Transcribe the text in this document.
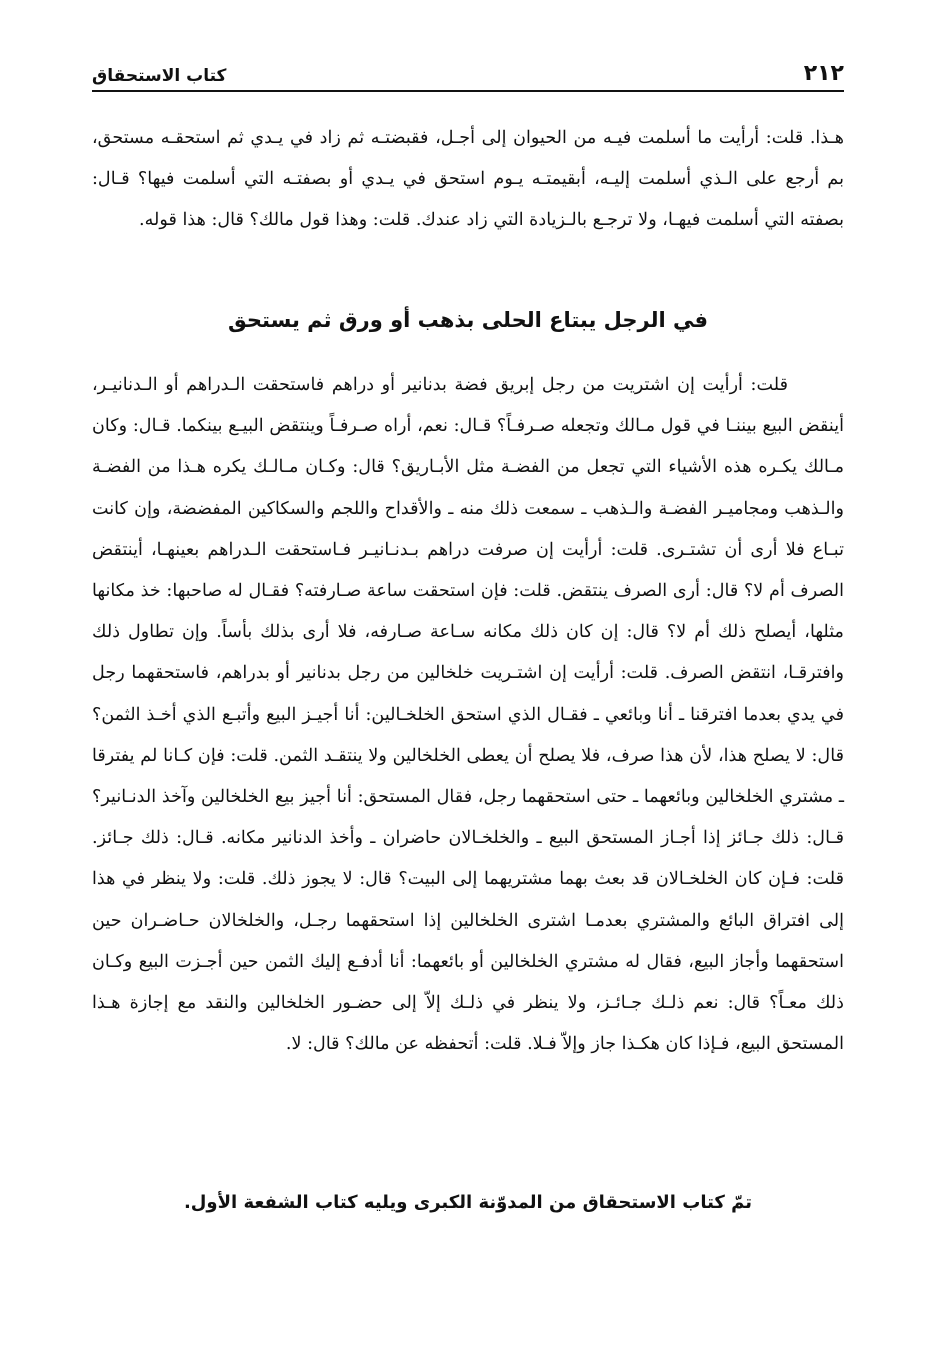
٢١٢
كتاب الاستحقاق

هـذا. قلت: أرأيت ما أسلمت فيـه من الحيوان إلى أجـل، فقبضتـه ثم زاد في يـدي ثم استحقـه مستحق، بم أرجع على الـذي أسلمت إليـه، أبقيمتـه يـوم استحق في يـدي أو بصفتـه التي أسلمت فيها؟ قـال: بصفته التي أسلمت فيهـا، ولا ترجـع بالـزيادة التي زاد عندك. قلت: وهذا قول مالك؟ قال: هذا قوله.

في الرجل يبتاع الحلى بذهب أو ورق ثم يستحق

قلت: أرأيت إن اشتريت من رجل إبريق فضة بدنانير أو دراهم فاستحقت الـدراهم أو الـدنانيـر، أينقض البيع بيننـا في قول مـالك وتجعله صـرفـاً؟ قـال: نعم، أراه صـرفـاً وينتقض البيـع بينكما. قـال: وكان مـالك يكـره هذه الأشياء التي تجعل من الفضـة مثل الأبـاريق؟ قال: وكـان مـالـك يكره هـذا من الفضـة والـذهب ومجاميـر الفضـة والـذهب ـ سمعت ذلك منه ـ والأقداح واللجم والسكاكين المفضضة، وإن كانت تبـاع فلا أرى أن تشتـرى. قلت: أرأيت إن صرفت دراهم بـدنـانيـر فـاستحقت الـدراهم بعينهـا، أينتقض الصرف أم لا؟ قال: أرى الصرف ينتقض. قلت: فإن استحقت ساعة صـارفته؟ فقـال له صاحبها: خذ مكانها مثلها، أيصلح ذلك أم لا؟ قال: إن كان ذلك مكانه سـاعة صـارفه، فلا أرى بذلك بأساً. وإن تطاول ذلك وافترقـا، انتقض الصرف. قلت: أرأيت إن اشتـريت خلخالين من رجل بدنانير أو بدراهم، فاستحقهما رجل في يدي بعدما افترقنا ـ أنا وبائعي ـ فقـال الذي استحق الخلخـالين: أنا أجيـز البيع وأتبـع الذي أخـذ الثمن؟ قال: لا يصلح هذا، لأن هذا صرف، فلا يصلح أن يعطى الخلخالين ولا ينتقـد الثمن. قلت: فإن كـانا لم يفترقا ـ مشتري الخلخالين وبائعهما ـ حتى استحقهما رجل، فقال المستحق: أنا أجيز بيع الخلخالين وآخذ الدنـانير؟ قـال: ذلك جـائز إذا أجـاز المستحق البيع ـ والخلخـالان حاضران ـ وأخذ الدنانير مكانه. قـال: ذلك جـائز. قلت: فـإن كان الخلخـالان قد بعث بهما مشتريهما إلى البيت؟ قال: لا يجوز ذلك. قلت: ولا ينظر في هذا إلى افتراق البائع والمشتري بعدمـا اشترى الخلخالين إذا استحقهما رجـل، والخلخالان حـاضـران حين استحقهما وأجاز البيع، فقال له مشتري الخلخالين أو بائعهما: أنا أدفـع إليك الثمن حين أجـزت البيع وكـان ذلك معـاً؟ قال: نعم ذلـك جـائـز، ولا ينظر في ذلـك إلاّ إلى حضـور الخلخالين والنقد مع إجازة هـذا المستحق البيع، فـإذا كان هكـذا جاز وإلاّ فـلا. قلت: أتحفظه عن مالك؟ قال: لا.

تمّ كتاب الاستحقاق من المدوّنة الكبرى ويليه كتاب الشفعة الأول.
